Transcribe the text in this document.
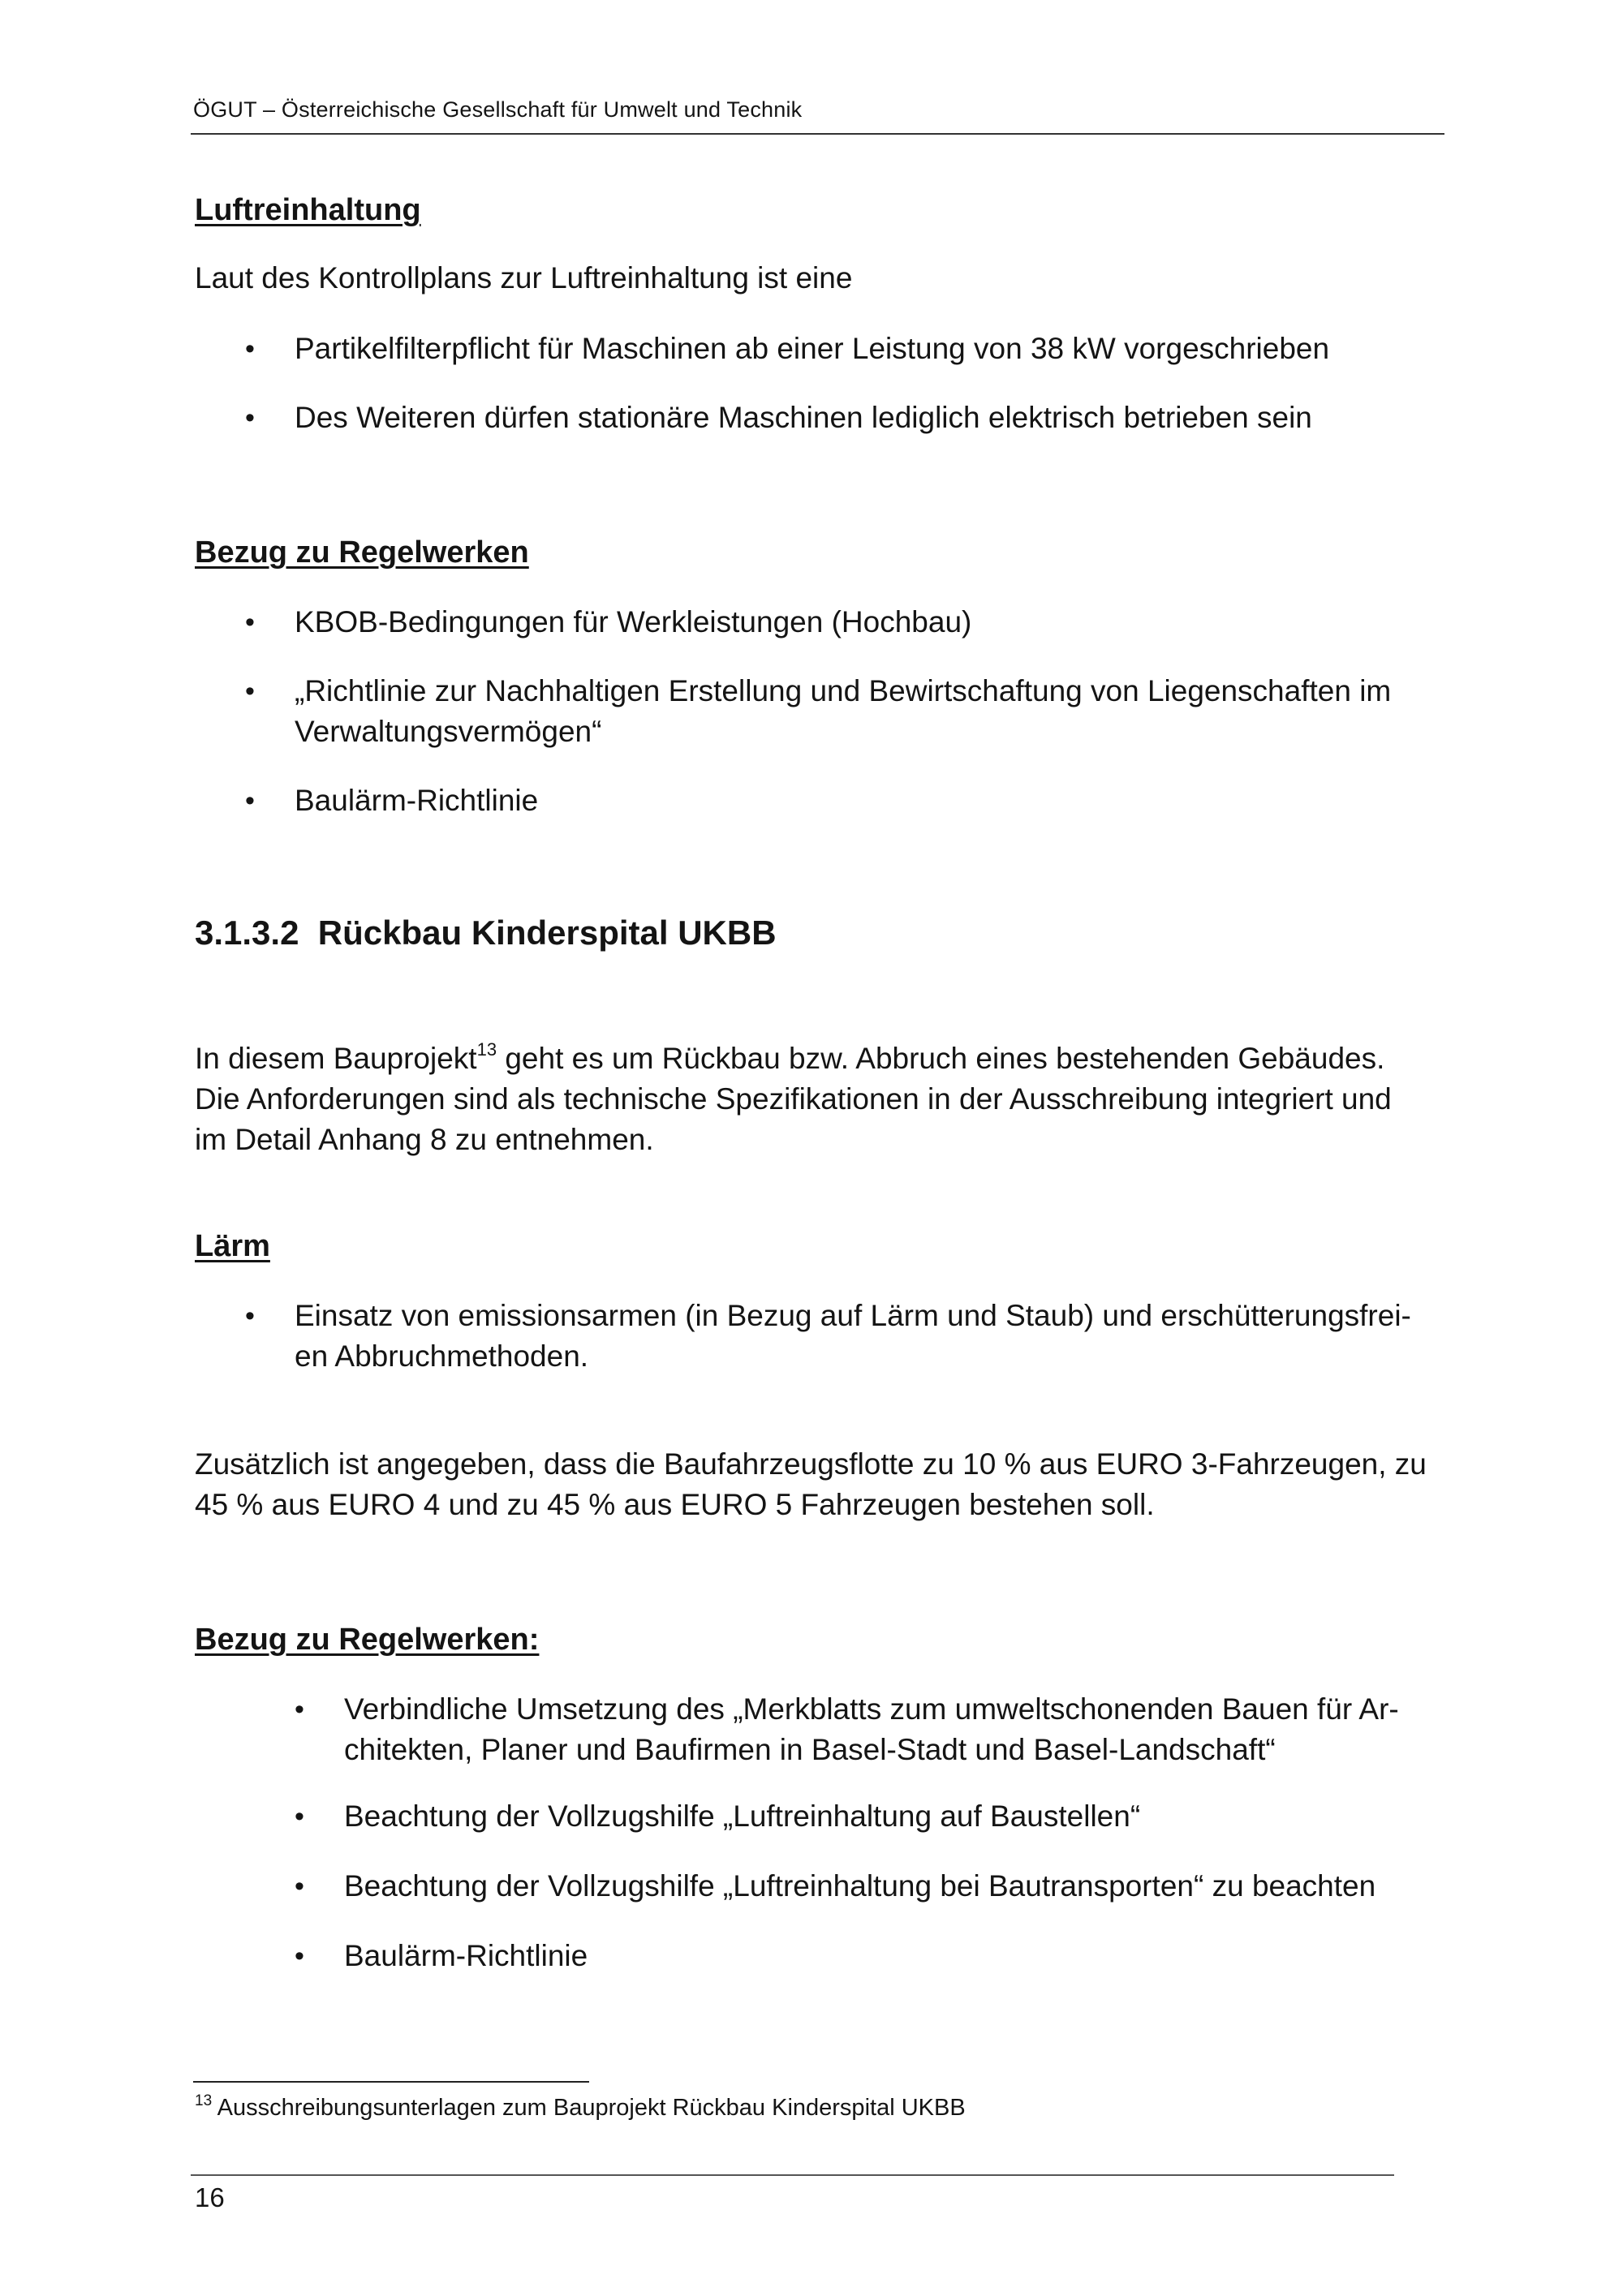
ÖGUT – Österreichische Gesellschaft für Umwelt und Technik
Luftreinhaltung
Laut des Kontrollplans zur Luftreinhaltung ist eine
• Partikelfilterpflicht für Maschinen ab einer Leistung von 38 kW vorgeschrieben
• Des Weiteren dürfen stationäre Maschinen lediglich elektrisch betrieben sein
Bezug zu Regelwerken
• KBOB-Bedingungen für Werkleistungen (Hochbau)
• „Richtlinie zur Nachhaltigen Erstellung und Bewirtschaftung von Liegenschaften im
Verwaltungsvermögen“
• Baulärm-Richtlinie
3.1.3.2  Rückbau Kinderspital UKBB
In diesem Bauprojekt$^{13}$ geht es um Rückbau bzw. Abbruch eines bestehenden Gebäudes.
Die Anforderungen sind als technische Spezifikationen in der Ausschreibung integriert und
im Detail Anhang 8 zu entnehmen.
Lärm
• Einsatz von emissionsarmen (in Bezug auf Lärm und Staub) und erschütterungsfrei-
en Abbruchmethoden.
Zusätzlich ist angegeben, dass die Baufahrzeugsflotte zu 10 % aus EURO 3-Fahrzeugen, zu
45 % aus EURO 4 und zu 45 % aus EURO 5 Fahrzeugen bestehen soll.
Bezug zu Regelwerken:
• Verbindliche Umsetzung des „Merkblatts zum umweltschonenden Bauen für Ar-
chitekten, Planer und Baufirmen in Basel-Stadt und Basel-Landschaft“
• Beachtung der Vollzugshilfe „Luftreinhaltung auf Baustellen“
• Beachtung der Vollzugshilfe „Luftreinhaltung bei Bautransporten“ zu beachten
• Baulärm-Richtlinie
$^{13}$ Ausschreibungsunterlagen zum Bauprojekt Rückbau Kinderspital UKBB
16
